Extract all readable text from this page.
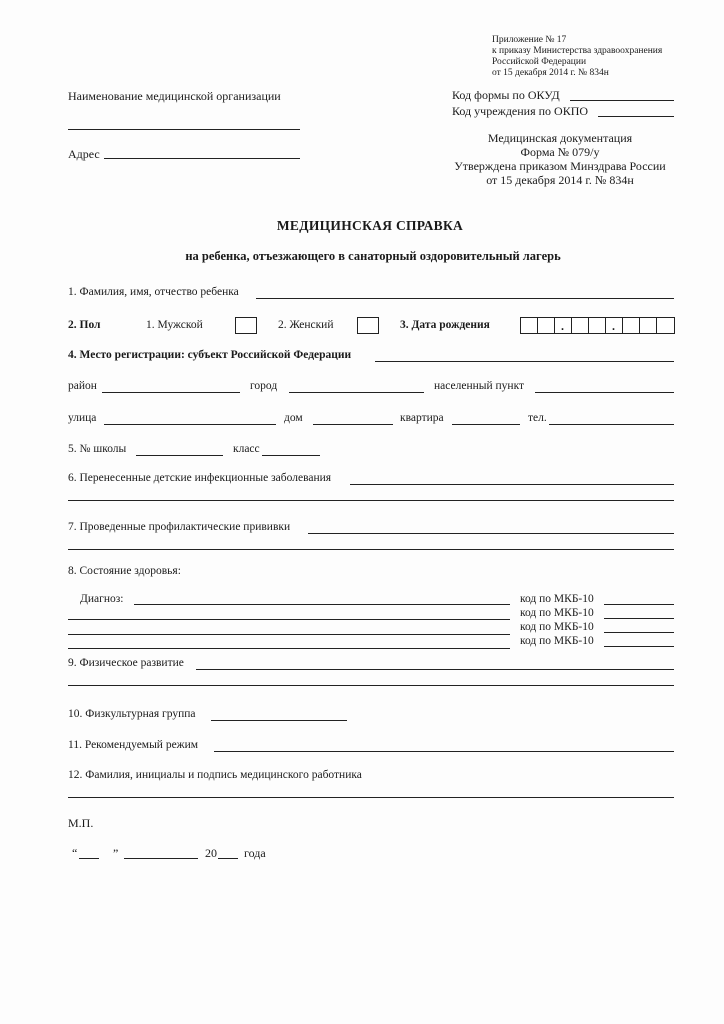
Приложение № 17
к приказу Министерства здравоохранения
Российской Федерации
от 15 декабря 2014 г. № 834н
Наименование медицинской организации
Адрес
Код формы по ОКУД
Код учреждения по ОКПО
Медицинская документация
Форма № 079/у
Утверждена приказом Минздрава России
от 15 декабря 2014 г. № 834н
МЕДИЦИНСКАЯ СПРАВКА
на ребенка, отъезжающего в санаторный оздоровительный лагерь
1. Фамилия, имя, отчество ребенка
2. Пол	1. Мужской	2. Женский	3. Дата рождения	.	.
4. Место регистрации: субъект Российской Федерации
район	город	населенный пункт
улица	дом	квартира	тел.
5. № школы	класс
6. Перенесенные детские инфекционные заболевания
7. Проведенные профилактические прививки
8. Состояние здоровья:
Диагноз:	код по МКБ-10
код по МКБ-10
код по МКБ-10
код по МКБ-10
9. Физическое развитие
10. Физкультурная группа
11. Рекомендуемый режим
12. Фамилия, инициалы и подпись медицинского работника
М.П.
“	”	20 года
